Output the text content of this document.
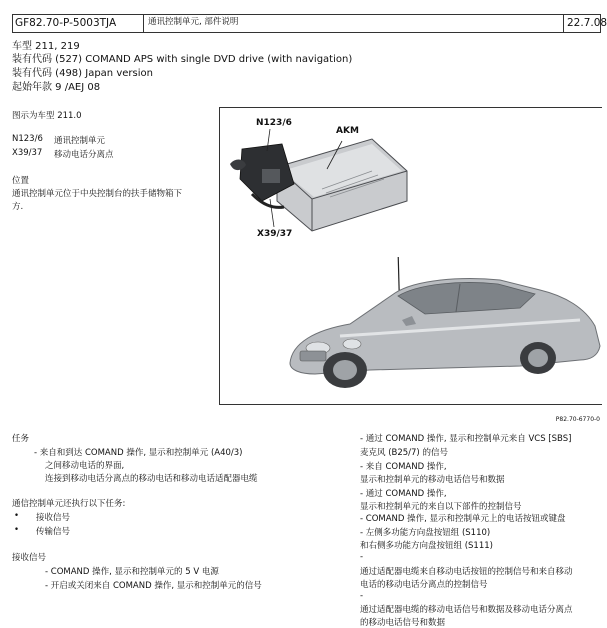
GF82.70-P-5003TJA	通讯控制单元, 部件说明	22.7.08
车型 211, 219
装有代码 (527) COMAND APS with single DVD drive (with navigation)
装有代码 (498) Japan version
起始年款 9 /AEJ 08
图示为车型 211.0
N123/6 通讯控制单元
X39/37 移动电话分离点
位置
通讯控制单元位于中央控制台的扶手储物箱下
方.
N123/6
AKM
X39/37
P82.70-6770-0
任务
- 来自和到达 COMAND 操作, 显示和控制单元 (A40/3)
之间移动电话的界面,
连接到移动电话分离点的移动电话和移动电话适配器电缆
通信控制单元还执行以下任务:
• 接收信号
• 传输信号
接收信号
- COMAND 操作, 显示和控制单元的 5 V 电源
- 开启或关闭来自 COMAND 操作, 显示和控制单元的信号
- 通过 COMAND 操作, 显示和控制单元来自 VCS [SBS]
麦克风 (B25/7) 的信号
- 来自 COMAND 操作,
显示和控制单元的移动电话信号和数据
- 通过 COMAND 操作,
显示和控制单元的来自以下部件的控制信号
- COMAND 操作, 显示和控制单元上的电话按钮或键盘
- 左侧多功能方向盘按钮组 (S110)
和右侧多功能方向盘按钮组 (S111)
-
通过适配器电缆来自移动电话按钮的控制信号和来自移动
电话的移动电话分离点的控制信号
-
通过适配器电缆的移动电话信号和数据及移动电话分离点
的移动电话信号和数据
